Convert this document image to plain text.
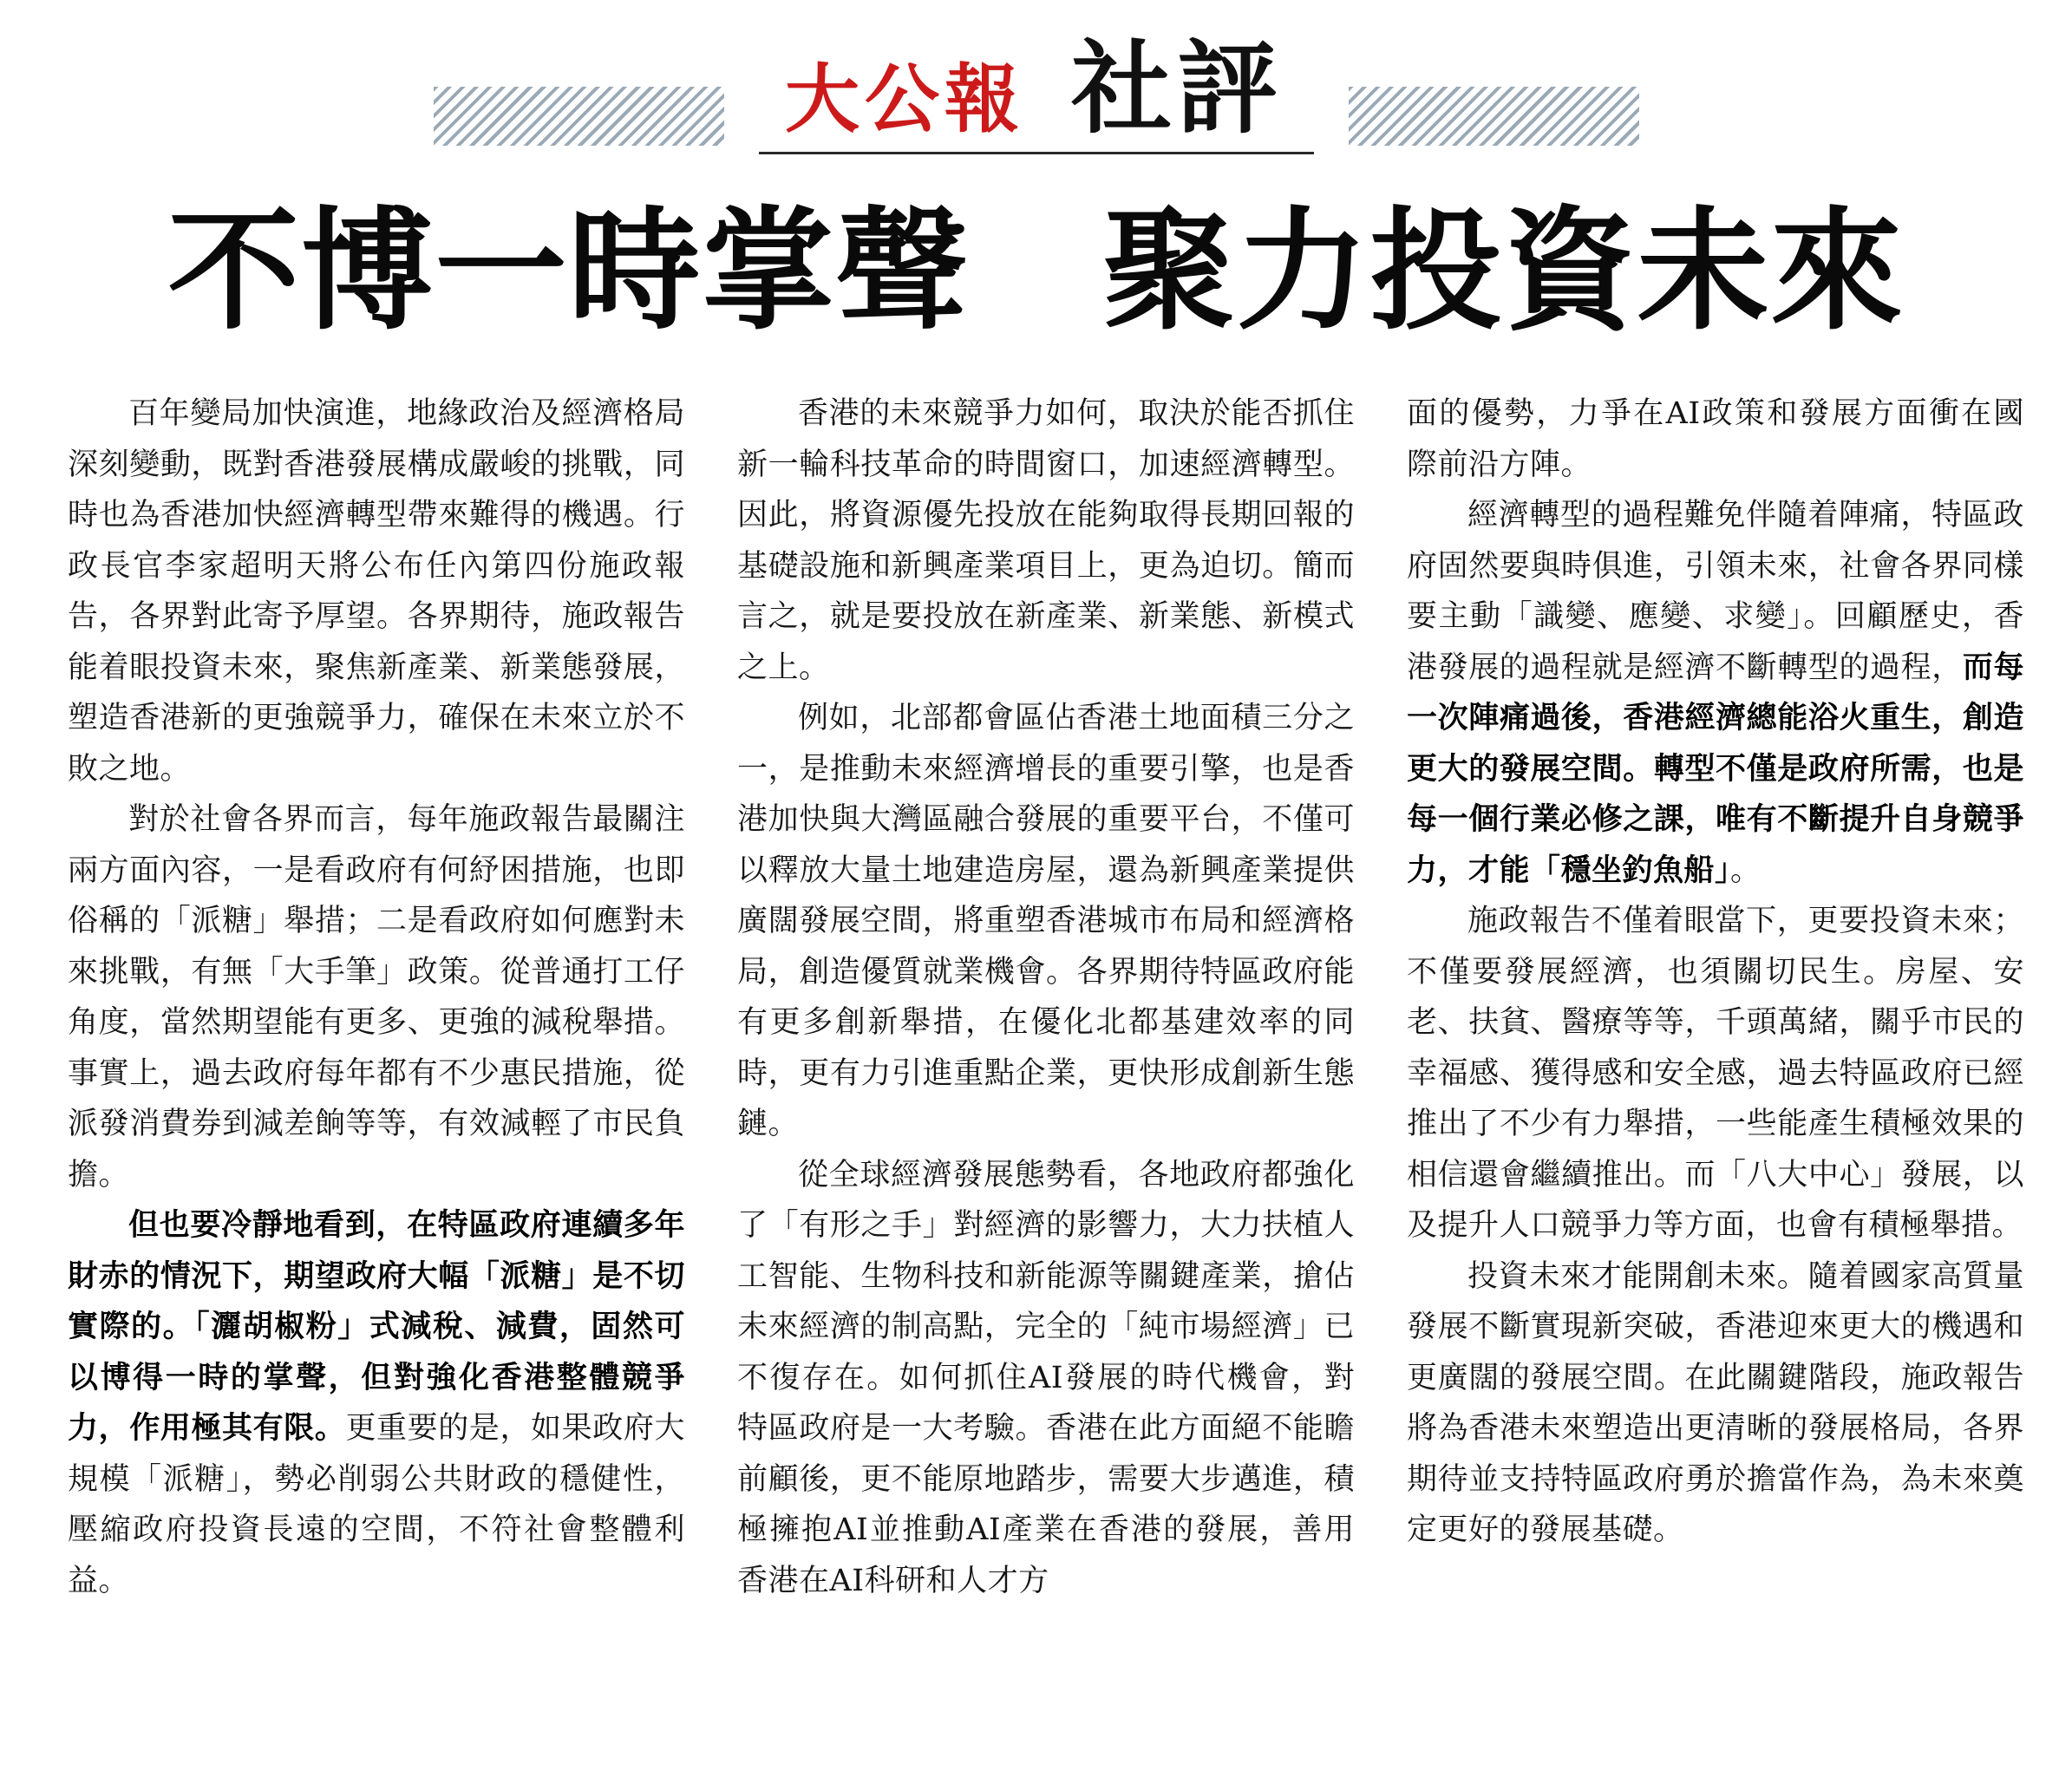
大公報 社評
不博一時掌聲　聚力投資未來

百年變局加快演進，地緣政治及經濟格局深刻變動，既對香港發展構成嚴峻的挑戰，同時也為香港加快經濟轉型帶來難得的機遇。行政長官李家超明天將公布任內第四份施政報告，各界對此寄予厚望。各界期待，施政報告能着眼投資未來，聚焦新產業、新業態發展，塑造香港新的更強競爭力，確保在未來立於不敗之地。

對於社會各界而言，每年施政報告最關注兩方面內容，一是看政府有何紓困措施，也即俗稱的「派糖」舉措；二是看政府如何應對未來挑戰，有無「大手筆」政策。從普通打工仔角度，當然期望能有更多、更強的減稅舉措。事實上，過去政府每年都有不少惠民措施，從派發消費券到減差餉等等，有效減輕了市民負擔。

但也要冷靜地看到，在特區政府連續多年財赤的情況下，期望政府大幅「派糖」是不切實際的。「灑胡椒粉」式減稅、減費，固然可以博得一時的掌聲，但對強化香港整體競爭力，作用極其有限。更重要的是，如果政府大規模「派糖」，勢必削弱公共財政的穩健性，壓縮政府投資長遠的空間，不符社會整體利益。

香港的未來競爭力如何，取決於能否抓住新一輪科技革命的時間窗口，加速經濟轉型。因此，將資源優先投放在能夠取得長期回報的基礎設施和新興產業項目上，更為迫切。簡而言之，就是要投放在新產業、新業態、新模式之上。

例如，北部都會區佔香港土地面積三分之一，是推動未來經濟增長的重要引擎，也是香港加快與大灣區融合發展的重要平台，不僅可以釋放大量土地建造房屋，還為新興產業提供廣闊發展空間，將重塑香港城市布局和經濟格局，創造優質就業機會。各界期待特區政府能有更多創新舉措，在優化北都基建效率的同時，更有力引進重點企業，更快形成創新生態鏈。

從全球經濟發展態勢看，各地政府都強化了「有形之手」對經濟的影響力，大力扶植人工智能、生物科技和新能源等關鍵產業，搶佔未來經濟的制高點，完全的「純市場經濟」已不復存在。如何抓住AI發展的時代機會，對特區政府是一大考驗。香港在此方面絕不能瞻前顧後，更不能原地踏步，需要大步邁進，積極擁抱AI並推動AI產業在香港的發展，善用香港在AI科研和人才方

面的優勢，力爭在AI政策和發展方面衝在國際前沿方陣。

經濟轉型的過程難免伴隨着陣痛，特區政府固然要與時俱進，引領未來，社會各界同樣要主動「識變、應變、求變」。回顧歷史，香港發展的過程就是經濟不斷轉型的過程，而每一次陣痛過後，香港經濟總能浴火重生，創造更大的發展空間。轉型不僅是政府所需，也是每一個行業必修之課，唯有不斷提升自身競爭力，才能「穩坐釣魚船」。

施政報告不僅着眼當下，更要投資未來；不僅要發展經濟，也須關切民生。房屋、安老、扶貧、醫療等等，千頭萬緒，關乎市民的幸福感、獲得感和安全感，過去特區政府已經推出了不少有力舉措，一些能產生積極效果的相信還會繼續推出。而「八大中心」發展，以及提升人口競爭力等方面，也會有積極舉措。

投資未來才能開創未來。隨着國家高質量發展不斷實現新突破，香港迎來更大的機遇和更廣闊的發展空間。在此關鍵階段，施政報告將為香港未來塑造出更清晰的發展格局，各界期待並支持特區政府勇於擔當作為，為未來奠定更好的發展基礎。
